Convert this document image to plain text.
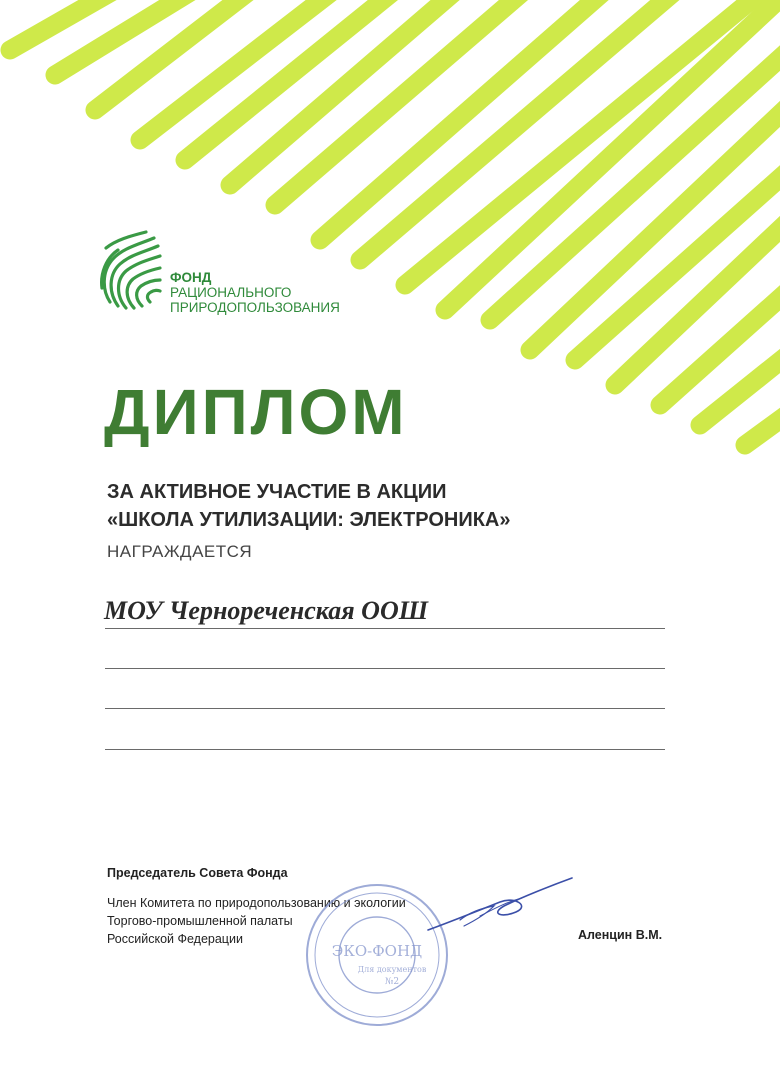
ФОНД
РАЦИОНАЛЬНОГО
ПРИРОДОПОЛЬЗОВАНИЯ
ДИПЛОМ
ЗА АКТИВНОЕ УЧАСТИЕ В АКЦИИ
«ШКОЛА УТИЛИЗАЦИИ: ЭЛЕКТРОНИКА»
НАГРАЖДАЕТСЯ
МОУ Чернореченская ООШ
Председатель Совета Фонда
Член Комитета по природопользованию и экологии
Торгово-промышленной палаты
Российской Федерации
ЭКО-ФОНД
Для документов
№2
Аленцин В.М.
